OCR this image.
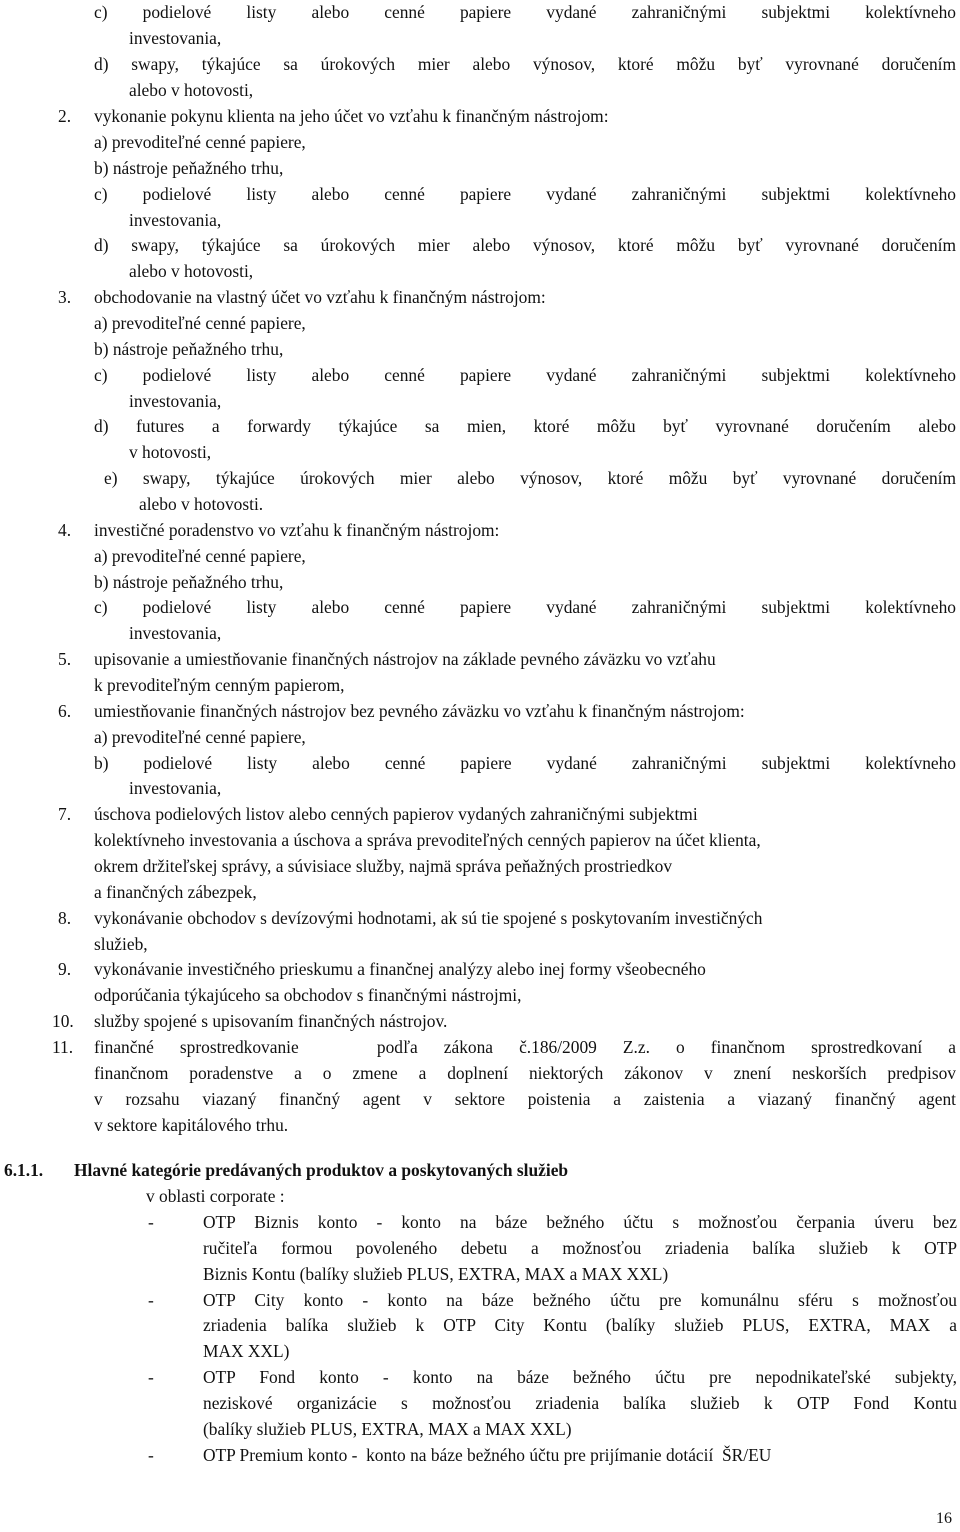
c) podielové listy alebo cenné papiere vydané zahraničnými subjektmi kolektívneho
investovania,
d) swapy, týkajúce sa úrokových mier alebo výnosov, ktoré môžu byť vyrovnané doručením
alebo v hotovosti,
2. vykonanie pokynu klienta na jeho účet vo vzťahu k finančným nástrojom:
a) prevoditeľné cenné papiere,
b) nástroje peňažného trhu,
c) podielové listy alebo cenné papiere vydané zahraničnými subjektmi kolektívneho
investovania,
d) swapy, týkajúce sa úrokových mier alebo výnosov, ktoré môžu byť vyrovnané doručením
alebo v hotovosti,
3. obchodovanie na vlastný účet vo vzťahu k finančným nástrojom:
a) prevoditeľné cenné papiere,
b) nástroje peňažného trhu,
c) podielové listy alebo cenné papiere vydané zahraničnými subjektmi kolektívneho
investovania,
d) futures a forwardy týkajúce sa mien, ktoré môžu byť vyrovnané doručením alebo
v hotovosti,
e) swapy, týkajúce úrokových mier alebo výnosov, ktoré môžu byť vyrovnané doručením
alebo v hotovosti.
4. investičné poradenstvo vo vzťahu k finančným nástrojom:
a) prevoditeľné cenné papiere,
b) nástroje peňažného trhu,
c) podielové listy alebo cenné papiere vydané zahraničnými subjektmi kolektívneho
investovania,
5. upisovanie a umiestňovanie finančných nástrojov na základe pevného záväzku vo vzťahu
k prevoditeľným cenným papierom,
6. umiestňovanie finančných nástrojov bez pevného záväzku vo vzťahu k finančným nástrojom:
a) prevoditeľné cenné papiere,
b) podielové listy alebo cenné papiere vydané zahraničnými subjektmi kolektívneho
investovania,
7. úschova podielových listov alebo cenných papierov vydaných zahraničnými subjektmi
kolektívneho investovania a úschova a správa prevoditeľných cenných papierov na účet klienta,
okrem držiteľskej správy, a súvisiace služby, najmä správa peňažných prostriedkov
a finančných zábezpek,
8. vykonávanie obchodov s devízovými hodnotami, ak sú tie spojené s poskytovaním investičných
služieb,
9. vykonávanie investičného prieskumu a finančnej analýzy alebo inej formy všeobecného
odporúčania týkajúceho sa obchodov s finančnými nástrojmi,
10. služby spojené s upisovaním finančných nástrojov.
11. finančné sprostredkovanie   podľa zákona č.186/2009 Z.z. o finančnom sprostredkovaní a
finančnom poradenstve a o zmene a doplnení niektorých zákonov v znení neskorších predpisov
v rozsahu viazaný finančný agent v sektore poistenia a zaistenia a viazaný finančný agent
v sektore kapitálového trhu.
6.1.1. Hlavné kategórie predávaných produktov a poskytovaných služieb
v oblasti corporate :
-	OTP Biznis konto - konto na báze bežného účtu s možnosťou čerpania úveru bez
ručiteľa formou povoleného debetu a možnosťou zriadenia balíka služieb k OTP
Biznis Kontu (balíky služieb PLUS, EXTRA, MAX a MAX XXL)
-	OTP City konto - konto na báze bežného účtu pre komunálnu sféru s možnosťou
zriadenia balíka služieb k OTP City Kontu (balíky služieb PLUS, EXTRA, MAX a
MAX XXL)
-	OTP Fond konto - konto na báze bežného účtu pre nepodnikateľské subjekty,
neziskové organizácie s možnosťou zriadenia balíka služieb k OTP Fond Kontu
(balíky služieb PLUS, EXTRA, MAX a MAX XXL)
-	OTP Premium konto -  konto na báze bežného účtu pre prijímanie dotácií  ŠR/EU
16
